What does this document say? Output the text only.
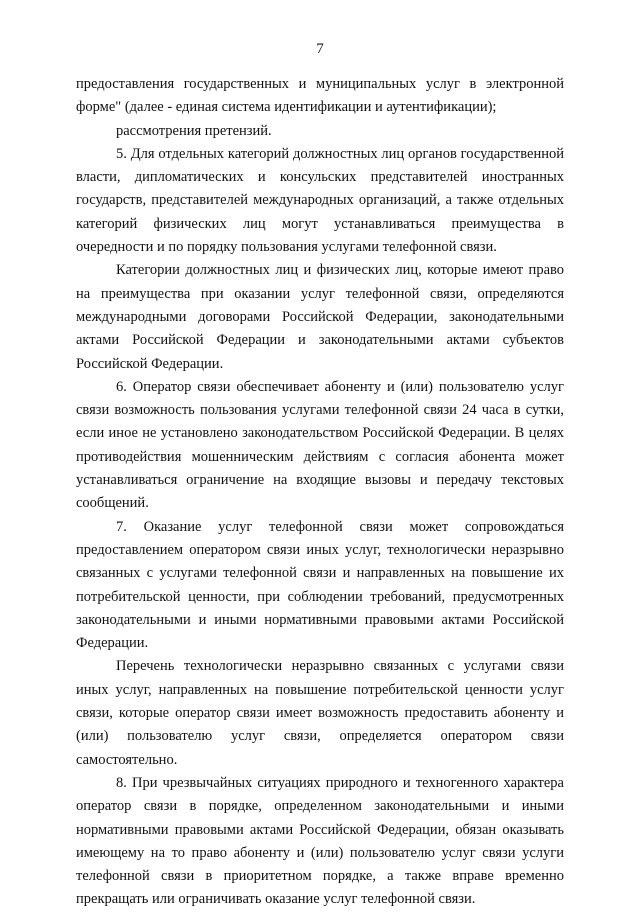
7

предоставления государственных и муниципальных услуг в электронной форме" (далее - единая система идентификации и аутентификации);

рассмотрения претензий.

5. Для отдельных категорий должностных лиц органов государственной власти, дипломатических и консульских представителей иностранных государств, представителей международных организаций, а также отдельных категорий физических лиц могут устанавливаться преимущества в очередности и по порядку пользования услугами телефонной связи.

Категории должностных лиц и физических лиц, которые имеют право на преимущества при оказании услуг телефонной связи, определяются международными договорами Российской Федерации, законодательными актами Российской Федерации и законодательными актами субъектов Российской Федерации.

6. Оператор связи обеспечивает абоненту и (или) пользователю услуг связи возможность пользования услугами телефонной связи 24 часа в сутки, если иное не установлено законодательством Российской Федерации. В целях противодействия мошенническим действиям с согласия абонента может устанавливаться ограничение на входящие вызовы и передачу текстовых сообщений.

7. Оказание услуг телефонной связи может сопровождаться предоставлением оператором связи иных услуг, технологически неразрывно связанных с услугами телефонной связи и направленных на повышение их потребительской ценности, при соблюдении требований, предусмотренных законодательными и иными нормативными правовыми актами Российской Федерации.

Перечень технологически неразрывно связанных с услугами связи иных услуг, направленных на повышение потребительской ценности услуг связи, которые оператор связи имеет возможность предоставить абоненту и (или) пользователю услуг связи, определяется оператором связи самостоятельно.

8. При чрезвычайных ситуациях природного и техногенного характера оператор связи в порядке, определенном законодательными и иными нормативными правовыми актами Российской Федерации, обязан оказывать имеющему на то право абоненту и (или) пользователю услуг связи услуги телефонной связи в приоритетном порядке, а также вправе временно прекращать или ограничивать оказание услуг телефонной связи.
